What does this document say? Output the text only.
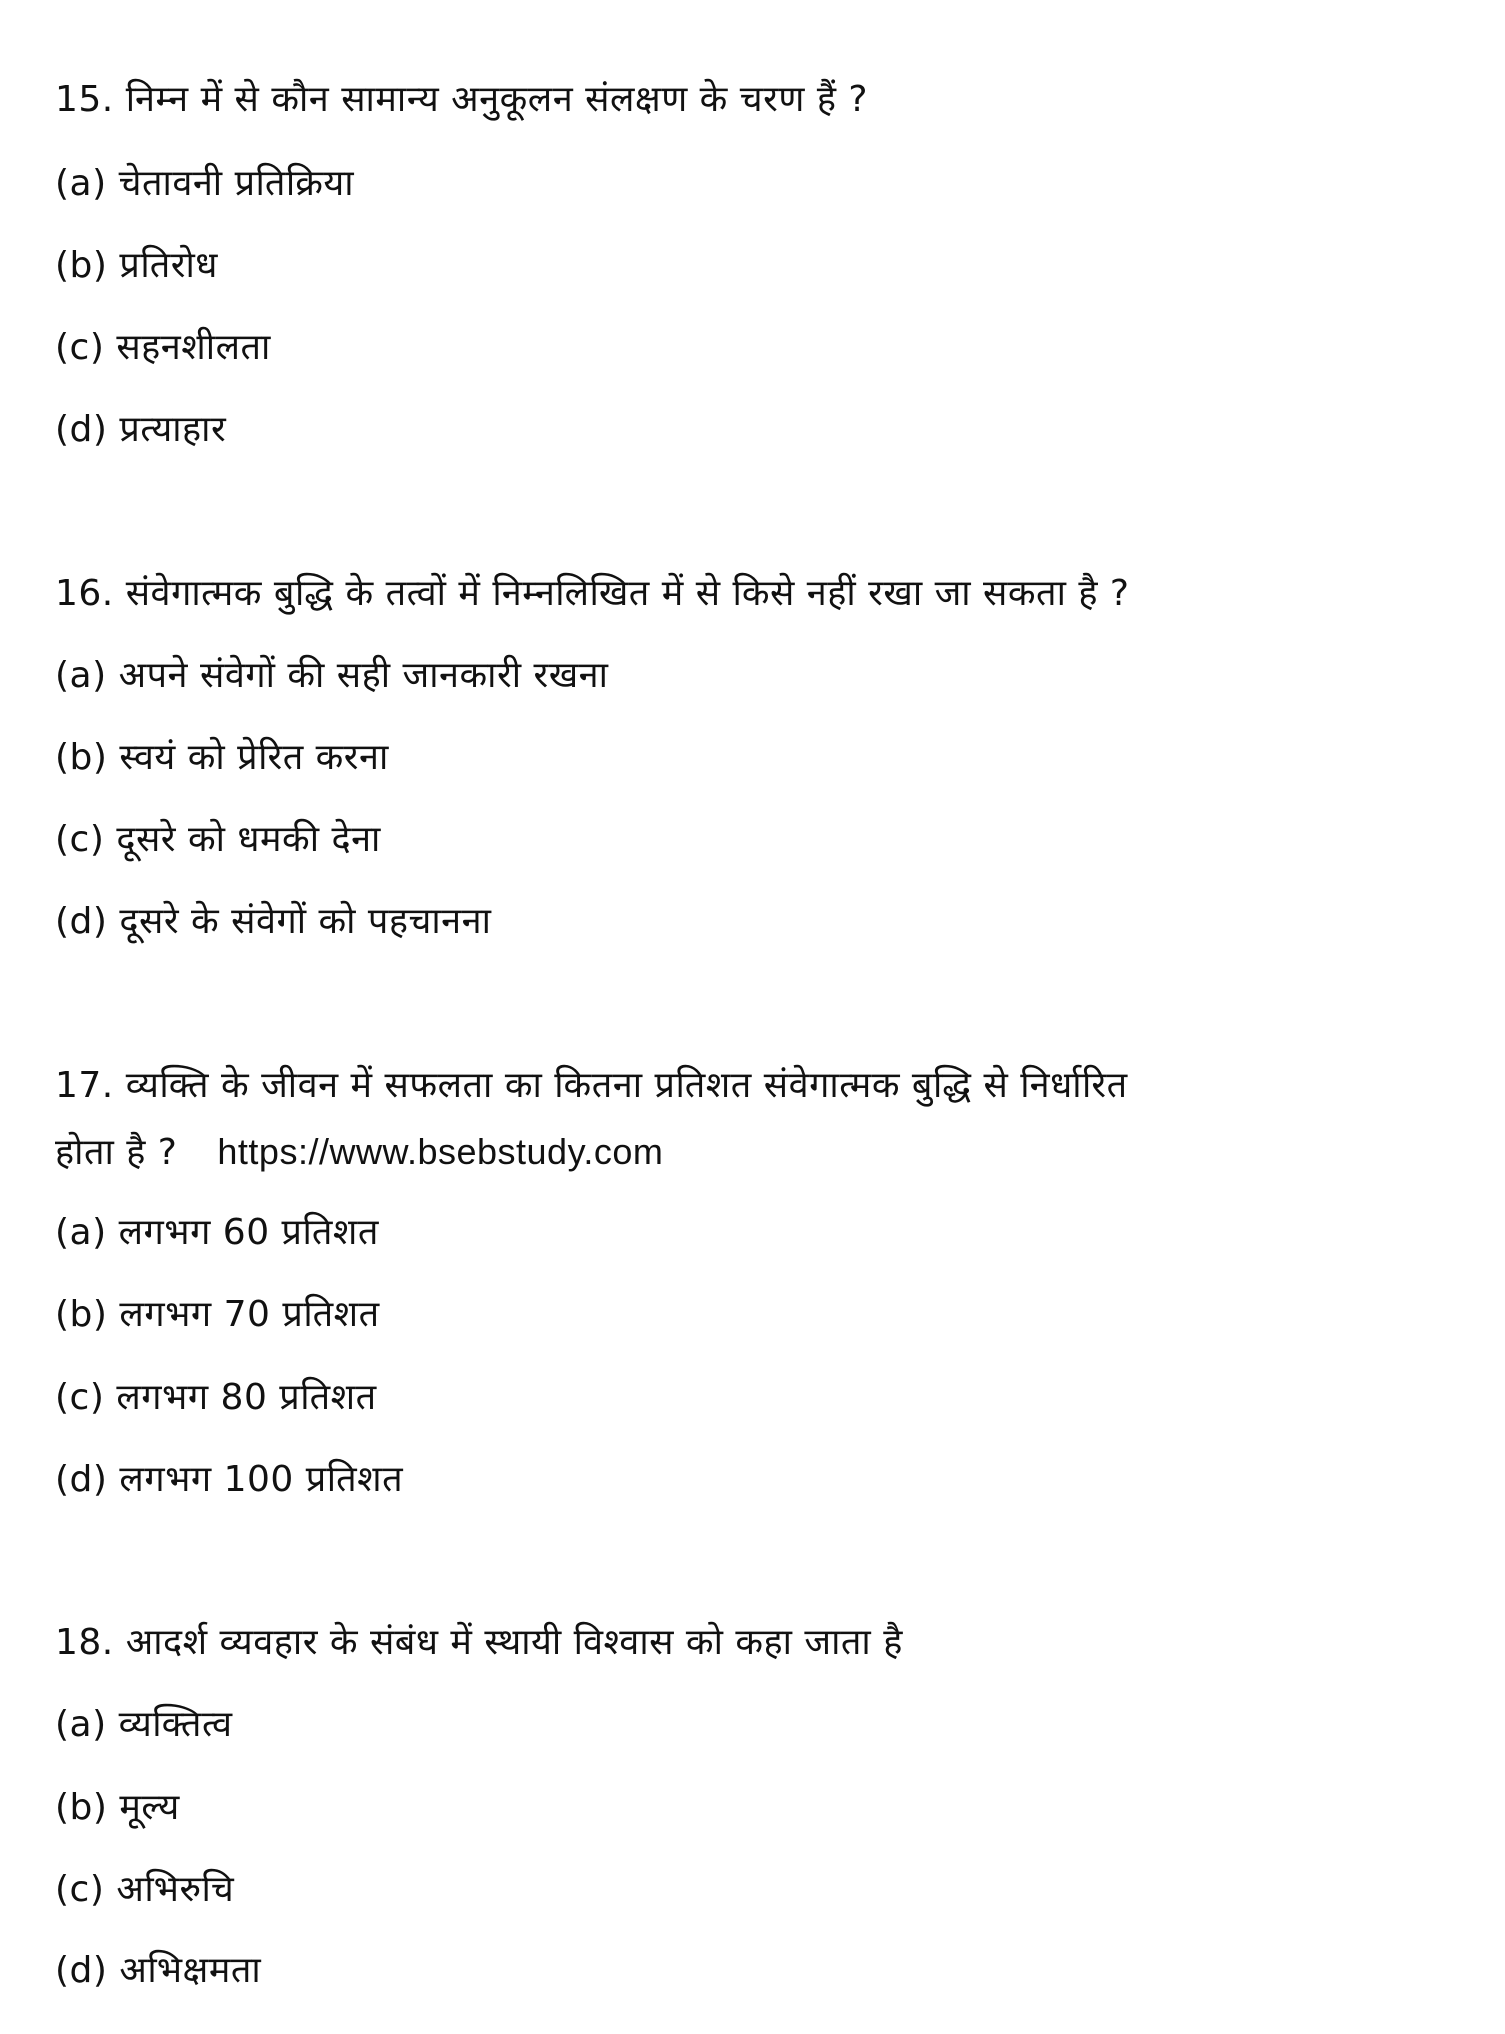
15. निम्न में से कौन सामान्य अनुकूलन संलक्षण के चरण हैं ?
(a) चेतावनी प्रतिक्रिया
(b) प्रतिरोध
(c) सहनशीलता
(d) प्रत्याहार
16. संवेगात्मक बुद्धि के तत्वों में निम्नलिखित में से किसे नहीं रखा जा सकता है ?
(a) अपने संवेगों की सही जानकारी रखना
(b) स्वयं को प्रेरित करना
(c) दूसरे को धमकी देना
(d) दूसरे के संवेगों को पहचानना
17. व्यक्ति के जीवन में सफलता का कितना प्रतिशत संवेगात्मक बुद्धि से निर्धारित
होता है ? https://www.bsebstudy.com
(a) लगभग 60 प्रतिशत
(b) लगभग 70 प्रतिशत
(c) लगभग 80 प्रतिशत
(d) लगभग 100 प्रतिशत
18. आदर्श व्यवहार के संबंध में स्थायी विश्वास को कहा जाता है
(a) व्यक्तित्व
(b) मूल्य
(c) अभिरुचि
(d) अभिक्षमता
